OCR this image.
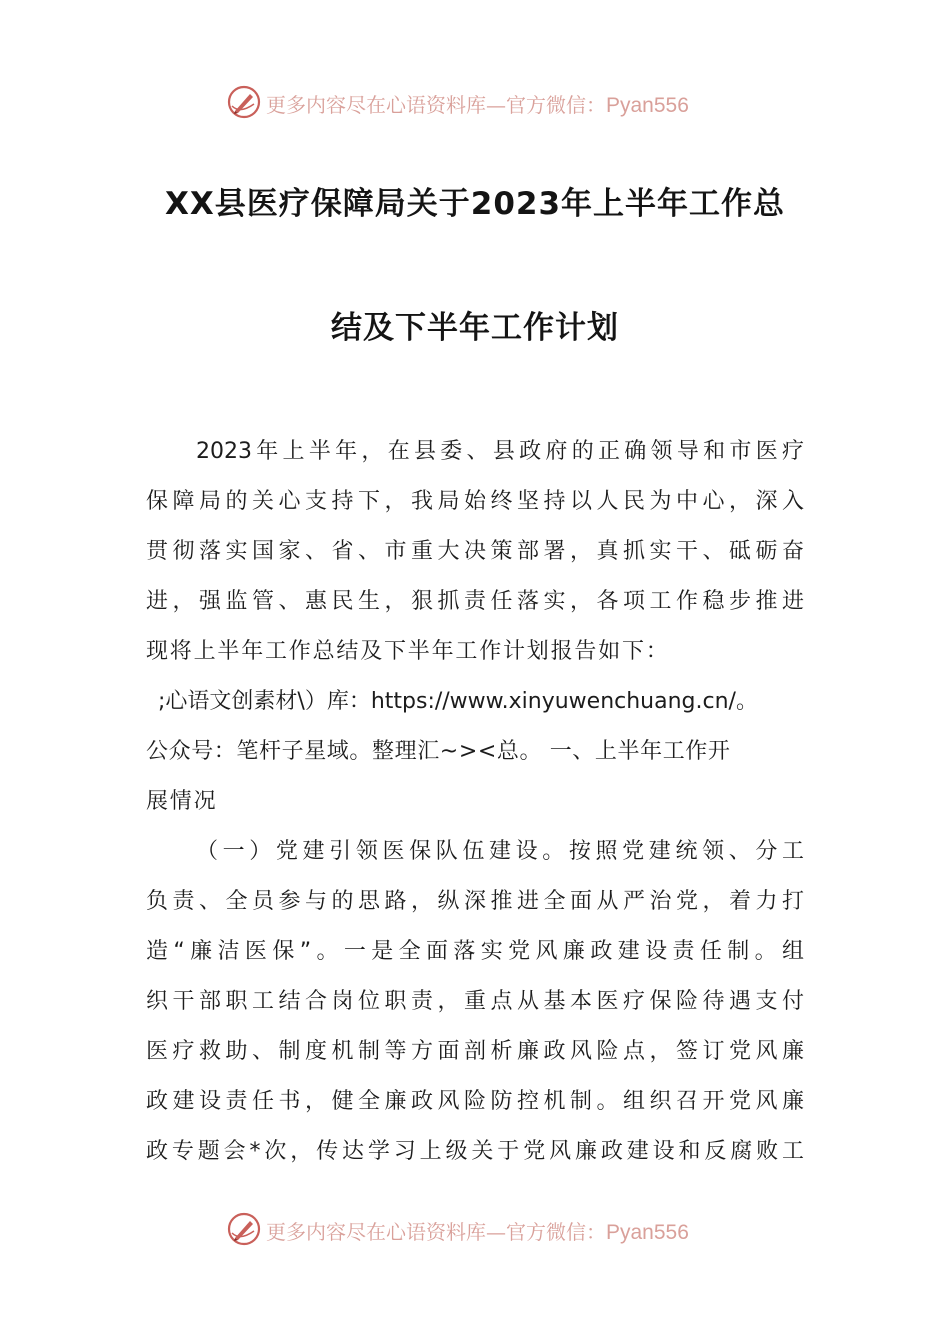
更多内容尽在心语资料库—官方微信：Pyan556
XX县医疗保障局关于2023年上半年工作总
结及下半年工作计划
2023年上半年，在县委、县政府的正确领导和市医疗
保障局的关心支持下，我局始终坚持以人民为中心，深入
贯彻落实国家、省、市重大决策部署，真抓实干、砥砺奋
进，强监管、惠民生，狠抓责任落实，各项工作稳步推进
现将上半年工作总结及下半年工作计划报告如下：
;心语文创素材\）库：https://www.xinyuwenchuang.cn/。
公众号：笔杆子星域。整理汇~><总。 一、上半年工作开
展情况
（一）党建引领医保队伍建设。按照党建统领、分工
负责、全员参与的思路，纵深推进全面从严治党，着力打
造“廉洁医保”。一是全面落实党风廉政建设责任制。组
织干部职工结合岗位职责，重点从基本医疗保险待遇支付
医疗救助、制度机制等方面剖析廉政风险点，签订党风廉
政建设责任书，健全廉政风险防控机制。组织召开党风廉
政专题会*次，传达学习上级关于党风廉政建设和反腐败工
更多内容尽在心语资料库—官方微信：Pyan556
